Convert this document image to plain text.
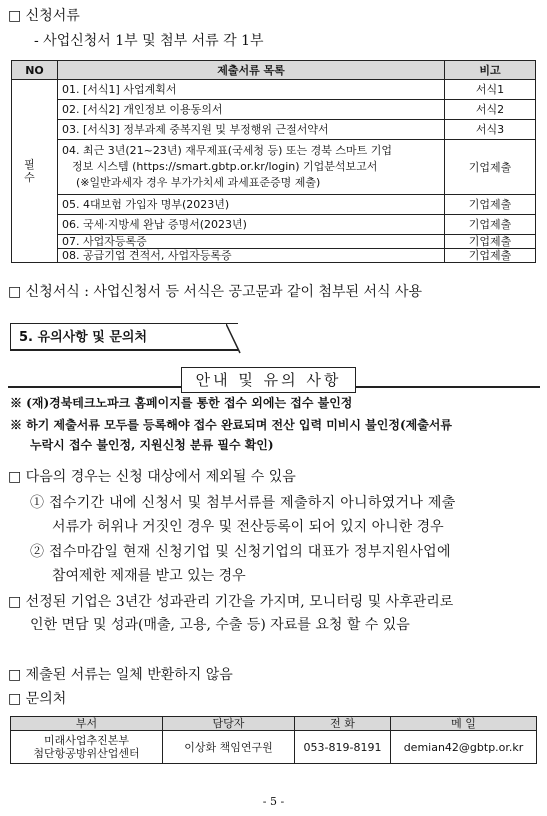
□ 신청서류
- 사업신청서 1부 및 첨부 서류 각 1부
NO	제출서류 목록	비고
필 수	01. [서식1] 사업계획서	서식1
	02. [서식2] 개인정보 이용동의서	서식2
	03. [서식3] 정부과제 중복지원 및 부정행위 근절서약서	서식3

	04. 최근 3년(21~23년) 재무제표(국세청 등) 또는 경북 스마트 기업
정보 시스템 (https://smart.gbtp.or.kr/login) 기업분석보고서
(※일반과세자 경우 부가가치세 과세표준증명 제출)	기업제출
	05. 4대보험 가입자 명부(2023년)	기업제출
	06. 국세·지방세 완납 증명서(2023년)	기업제출
	07. 사업자등록증	기업제출
	08. 공급기업 견적서, 사업자등록증	기업제출
□ 신청서식 : 사업신청서 등 서식은 공고문과 같이 첨부된 서식 사용
5. 유의사항 및 문의처
안내 및 유의 사항
※ (재)경북테크노파크 홈페이지를 통한 접수 외에는 접수 불인정
※ 하기 제출서류 모두를 등록해야 접수 완료되며 전산 입력 미비시 불인정(제출서류
누락시 접수 불인정, 지원신청 분류 필수 확인)
□ 다음의 경우는 신청 대상에서 제외될 수 있음
① 접수기간 내에 신청서 및 첨부서류를 제출하지 아니하였거나 제출
서류가 허위나 거짓인 경우 및 전산등록이 되어 있지 아니한 경우
② 접수마감일 현재 신청기업 및 신청기업의 대표가 정부지원사업에
참여제한 제재를 받고 있는 경우
□ 선정된 기업은 3년간 성과관리 기간을 가지며, 모니터링 및 사후관리로
인한 면담 및 성과(매출, 고용, 수출 등) 자료를 요청 할 수 있음
□ 제출된 서류는 일체 반환하지 않음
□ 문의처
부서	담당자	전 화	메 일

미래사업추진본부
첨단항공방위산업센터	이상화 책임연구원	053-819-8191	demian42@gbtp.or.kr
- 5 -
